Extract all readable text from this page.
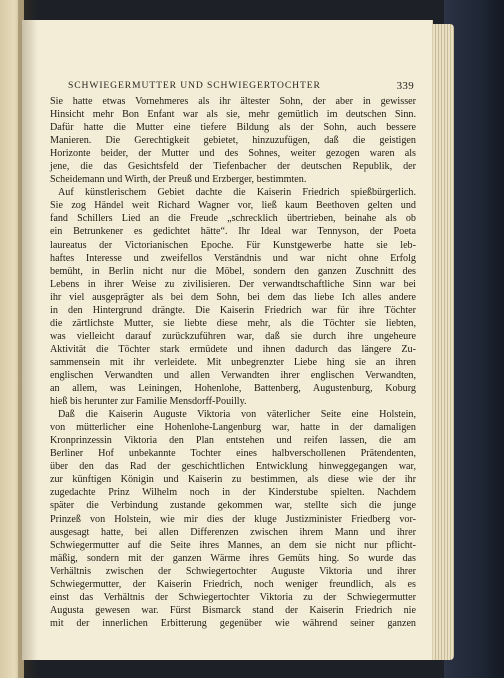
SCHWIEGERMUTTER UND SCHWIEGERTOCHTER	339
Sie hatte etwas Vornehmeres als ihr ältester Sohn, der aber in gewisser
Hinsicht mehr Bon Enfant war als sie, mehr gemütlich im deutschen Sinn.
Dafür hatte die Mutter eine tiefere Bildung als der Sohn, auch bessere
Manieren. Die Gerechtigkeit gebietet, hinzuzufügen, daß die geistigen
Horizonte beider, der Mutter und des Sohnes, weiter gezogen waren als
jene, die das Gesichtsfeld der Tiefenbacher der deutschen Republik, der
Scheidemann und Wirth, der Preuß und Erzberger, bestimmten.
Auf künstlerischem Gebiet dachte die Kaiserin Friedrich spießbürgerlich.
Sie zog Händel weit Richard Wagner vor, ließ kaum Beethoven gelten und
fand Schillers Lied an die Freude „schrecklich übertrieben, beinahe als ob
ein Betrunkener es gedichtet hätte“. Ihr Ideal war Tennyson, der Poeta
laureatus der Victorianischen Epoche. Für Kunstgewerbe hatte sie leb-
haftes Interesse und zweifellos Verständnis und war nicht ohne Erfolg
bemüht, in Berlin nicht nur die Möbel, sondern den ganzen Zuschnitt des
Lebens in ihrer Weise zu zivilisieren. Der verwandtschaftliche Sinn war bei
ihr viel ausgeprägter als bei dem Sohn, bei dem das liebe Ich alles andere
in den Hintergrund drängte. Die Kaiserin Friedrich war für ihre Töchter
die zärtlichste Mutter, sie liebte diese mehr, als die Töchter sie liebten,
was vielleicht darauf zurückzuführen war, daß sie durch ihre ungeheure
Aktivität die Töchter stark ermüdete und ihnen dadurch das längere Zu-
sammensein mit ihr verleidete. Mit unbegrenzter Liebe hing sie an ihren
englischen Verwandten und allen Verwandten ihrer englischen Verwandten,
an allem, was Leiningen, Hohenlohe, Battenberg, Augustenburg, Koburg
hieß bis herunter zur Familie Mensdorff-Pouilly.
Daß die Kaiserin Auguste Viktoria von väterlicher Seite eine Holstein,
von mütterlicher eine Hohenlohe-Langenburg war, hatte in der damaligen
Kronprinzessin Viktoria den Plan entstehen und reifen lassen, die am
Berliner Hof unbekannte Tochter eines halbverschollenen Prätendenten,
über den das Rad der geschichtlichen Entwicklung hinweggegangen war,
zur künftigen Königin und Kaiserin zu bestimmen, als diese wie der ihr
zugedachte Prinz Wilhelm noch in der Kinderstube spielten. Nachdem
später die Verbindung zustande gekommen war, stellte sich die junge
Prinzeß von Holstein, wie mir dies der kluge Justizminister Friedberg vor-
ausgesagt hatte, bei allen Differenzen zwischen ihrem Mann und ihrer
Schwiegermutter auf die Seite ihres Mannes, an dem sie nicht nur pflicht-
mäßig, sondern mit der ganzen Wärme ihres Gemüts hing. So wurde das
Verhältnis zwischen der Schwiegertochter Auguste Viktoria und ihrer
Schwiegermutter, der Kaiserin Friedrich, noch weniger freundlich, als es
einst das Verhältnis der Schwiegertochter Viktoria zu der Schwiegermutter
Augusta gewesen war. Fürst Bismarck stand der Kaiserin Friedrich nie
mit der innerlichen Erbitterung gegenüber wie während seiner ganzen
